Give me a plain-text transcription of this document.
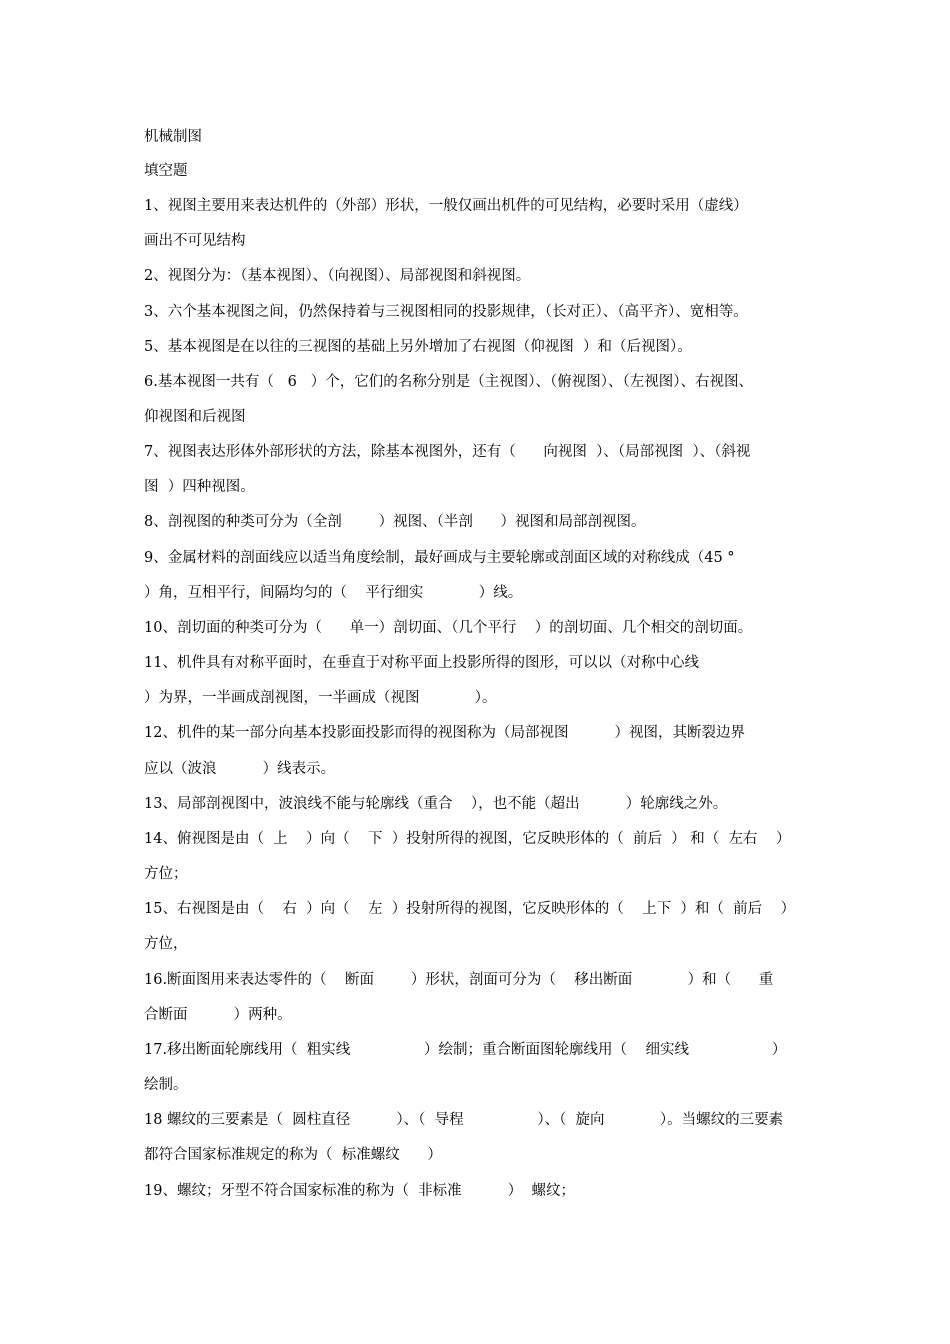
机械制图
填空题
1、视图主要用来表达机件的（外部）形状，一般仅画出机件的可见结构，必要时采用（虚线）
画出不可见结构
2、视图分为：（基本视图）、（向视图）、局部视图和斜视图。
3、六个基本视图之间，仍然保持着与三视图相同的投影规律，（长对正）、（高平齐）、宽相等。
5、基本视图是在以往的三视图的基础上另外增加了右视图（仰视图  ）和（后视图）。
6.基本视图一共有（   6   ）个，它们的名称分别是（主视图）、（俯视图）、（左视图）、右视图、
仰视图和后视图
7、视图表达形体外部形状的方法，除基本视图外，还有（      向视图  ）、（局部视图  ）、（斜视
图  ）四种视图。
8、剖视图的种类可分为（全剖        ）视图、（半剖      ）视图和局部剖视图。
9、金属材料的剖面线应以适当角度绘制，最好画成与主要轮廓或剖面区域的对称线成（45 °
）角，互相平行，间隔均匀的（    平行细实            ）线。
10、剖切面的种类可分为（      单一）剖切面、（几个平行    ）的剖切面、几个相交的剖切面。
11、机件具有对称平面时，在垂直于对称平面上投影所得的图形，可以以（对称中心线
）为界，一半画成剖视图，一半画成（视图            ）。
12、机件的某一部分向基本投影面投影而得的视图称为（局部视图          ）视图，其断裂边界
应以（波浪          ）线表示。
13、局部剖视图中，波浪线不能与轮廓线（重合    ），也不能（超出          ）轮廓线之外。
14、俯视图是由（  上    ）向（    下  ）投射所得的视图，它反映形体的（  前后  ） 和（  左右    ）
方位；
15、右视图是由（    右  ）向（    左  ）投射所得的视图，它反映形体的（    上下  ）和（  前后    ）
方位，
16.断面图用来表达零件的（    断面        ）形状，剖面可分为（    移出断面            ）和（      重
合断面          ）两种。
17.移出断面轮廓线用（  粗实线                ）绘制；重合断面图轮廓线用（    细实线                  ）
绘制。
18 螺纹的三要素是（  圆柱直径          ）、（  导程                ）、（  旋向            ）。当螺纹的三要素
都符合国家标准规定的称为（  标准螺纹      ）
19、螺纹；牙型不符合国家标准的称为（  非标准          ）  螺纹；
